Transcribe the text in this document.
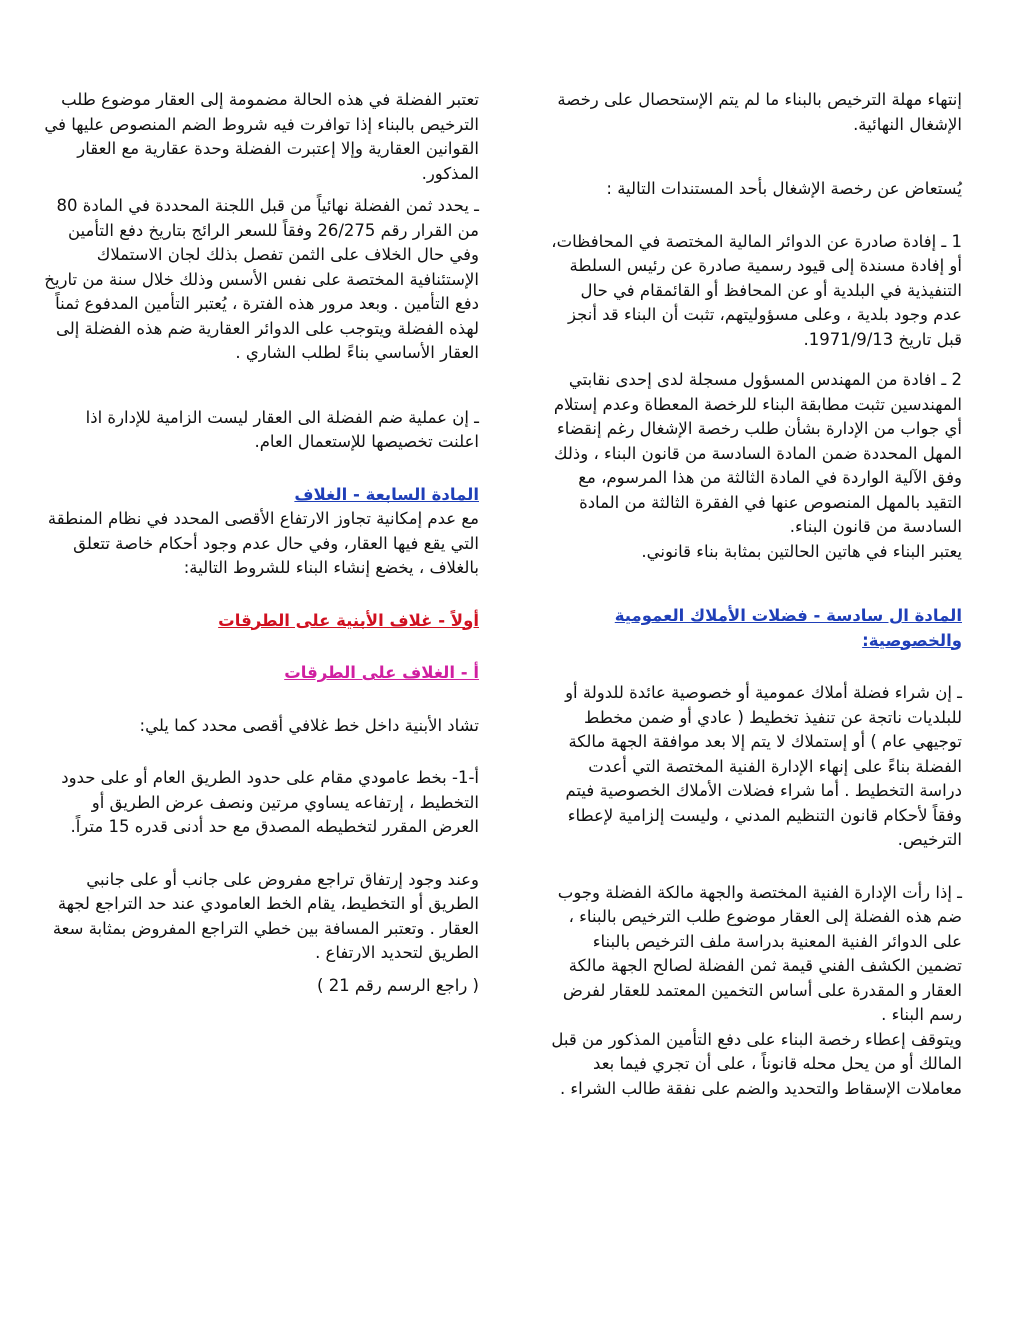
إنتهاء مهلة الترخيص بالبناء ما لم يتم الإستحصال على رخصة الإشغال النهائية.

يُستعاض عن رخصة الإشغال بأحد المستندات التالية :

1 ـ إفادة صادرة عن الدوائر المالية المختصة في المحافظات، أو إفادة مسندة إلى قيود رسمية صادرة عن رئيس السلطة التنفيذية في البلدية أو عن المحافظ أو القائمقام في حال عدم وجود بلدية ، وعلى مسؤوليتهم، تثبت أن البناء قد أنجز قبل تاريخ 1971/9/13.

2 ـ افادة من المهندس المسؤول مسجلة لدى إحدى نقابتي المهندسين تثبت مطابقة البناء للرخصة المعطاة وعدم إستلام أي جواب من الإدارة بشأن طلب رخصة الإشغال رغم إنقضاء المهل المحددة ضمن المادة السادسة من قانون البناء ، وذلك وفق الآلية الواردة في المادة الثالثة من هذا المرسوم، مع التقيد بالمهل المنصوص عنها في الفقرة الثالثة من المادة السادسة من قانون البناء.

يعتبر البناء في هاتين الحالتين بمثابة بناء قانوني.

المادة ال سادسة - فضلات الأملاك العمومية والخصوصية:

ـ إن شراء فضلة أملاك عمومية أو خصوصية عائدة للدولة أو للبلديات ناتجة عن تنفيذ تخطيط ( عادي أو ضمن مخطط توجيهي عام ) أو إستملاك لا يتم إلا بعد موافقة الجهة مالكة الفضلة بناءً على إنهاء الإدارة الفنية المختصة التي أعدت دراسة التخطيط . أما شراء فضلات الأملاك الخصوصية فيتم وفقاً لأحكام قانون التنظيم المدني ، وليست إلزامية لإعطاء الترخيص.

ـ إذا رأت الإدارة الفنية المختصة والجهة مالكة الفضلة وجوب ضم هذه الفضلة إلى العقار موضوع طلب الترخيص بالبناء ، على الدوائر الفنية المعنية بدراسة ملف الترخيص بالبناء تضمين الكشف الفني قيمة ثمن الفضلة لصالح الجهة مالكة العقار و المقدرة على أساس التخمين المعتمد للعقار لفرض رسم البناء .

ويتوقف إعطاء رخصة البناء على دفع التأمين المذكور من قبل المالك أو من يحل محله قانوناً ، على أن تجري فيما بعد معاملات الإسقاط والتحديد والضم على نفقة طالب الشراء .

تعتبر الفضلة في هذه الحالة مضمومة إلى العقار موضوع طلب الترخيص بالبناء إذا توافرت فيه شروط الضم المنصوص عليها في القوانين العقارية وإلا إعتبرت الفضلة وحدة عقارية مع العقار المذكور.

ـ يحدد ثمن الفضلة نهائياً من قبل اللجنة المحددة في المادة 80 من القرار رقم 26/275 وفقاً للسعر الرائج بتاريخ دفع التأمين وفي حال الخلاف على الثمن تفصل بذلك لجان الاستملاك الإستئنافية المختصة على نفس الأسس وذلك خلال سنة من تاريخ دفع التأمين . وبعد مرور هذه الفترة ، يُعتبر التأمين المدفوع ثمناً لهذه الفضلة ويتوجب على الدوائر العقارية ضم هذه الفضلة إلى العقار الأساسي بناءً لطلب الشاري .

ـ إن عملية ضم الفضلة الى العقار ليست الزامية للإدارة اذا اعلنت تخصيصها للإستعمال العام.

المادة السابعة - الغلاف

مع عدم إمكانية تجاوز الارتفاع الأقصى المحدد في نظام المنطقة التي يقع فيها العقار، وفي حال عدم وجود أحكام خاصة تتعلق بالغلاف ، يخضع إنشاء البناء للشروط التالية:

أولاً - غلاف الأبنية على الطرقات

أ - الغلاف على الطرقات

تشاد الأبنية داخل خط غلافي أقصى محدد كما يلي:

أ-1- بخط عامودي مقام على حدود الطريق العام أو على حدود التخطيط ، إرتفاعه يساوي مرتين ونصف عرض الطريق أو العرض المقرر لتخطيطه المصدق مع حد أدنى قدره 15 متراً.

وعند وجود إرتفاق تراجع مفروض على جانب أو على جانبي الطريق أو التخطيط، يقام الخط العامودي عند حد التراجع لجهة العقار . وتعتبر المسافة بين خطي التراجع المفروض بمثابة سعة الطريق لتحديد الارتفاع .

( راجع الرسم رقم 21 )
